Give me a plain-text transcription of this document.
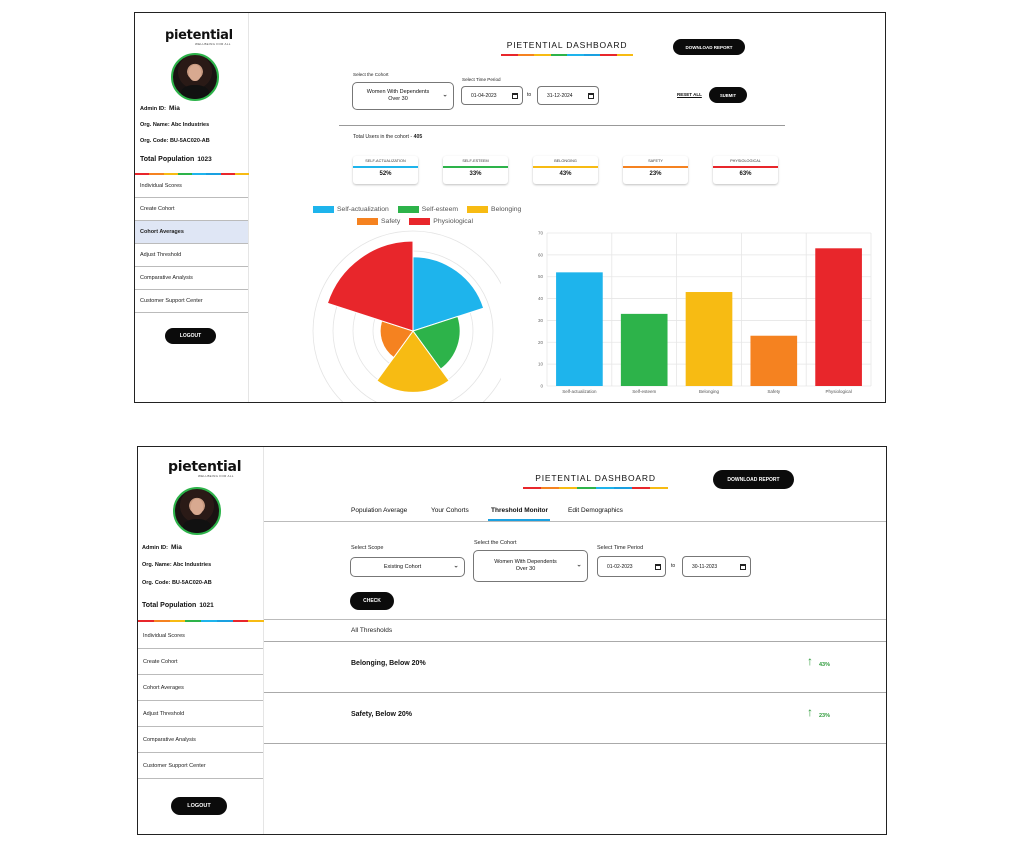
pietential
WELLBEING FOR ALL
Admin ID: Mia
Org. Name: Abc Industries
Org. Code: BU-5AC020-AB
Total Population 1023
Individual Scores
Create Cohort
Cohort Averages
Adjust Threshold
Comparative Analysis
Customer Support Center
LOGOUT
PIETENTIAL DASHBOARD	DOWNLOAD REPORT
Select the Cohort
Women With Dependents Over 30
⌄
Select Time Period
01-04-2023	to	31-12-2024	RESET ALL	SUBMIT
Total Users in the cohort - 405
SELF-ACTUALIZATION
52%
SELF-ESTEEM
33%
BELONGING
43%
SAFETY
23%
PHYSIOLOGICAL
63%
Self-actualization	Self-esteem	Belonging
Safety	Physiological
0
10
20
30
40
50
60
70
Self-actualization	Self-esteem	Belonging	Safety	Physiological
pietential
WELLBEING FOR ALL
Admin ID: Mia
Org. Name: Abc Industries
Org. Code: BU-5AC020-AB
Total Population 1021
Individual Scores
Create Cohort
Cohort Averages
Adjust Threshold
Comparative Analysis
Customer Support Center
LOGOUT
PIETENTIAL DASHBOARD	DOWNLOAD REPORT
Population Average	Your Cohorts	Threshold Monitor	Edit Demographics
Select Scope
Existing Cohort	⌄
Select the Cohort
Women With Dependents Over 30
⌄
Select Time Period
01-02-2023	to	30-11-2023
CHECK
All Thresholds
Belonging, Below 20%	↑ 43%
Safety, Below 20%	↑ 23%
